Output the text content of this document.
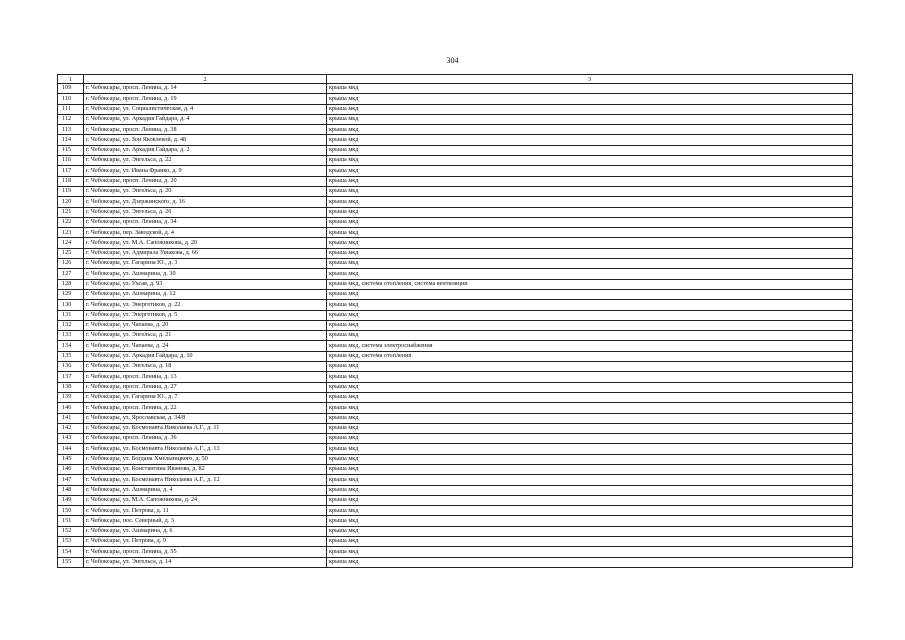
304
1	2	3
109	г. Чебоксары, просп. Ленина, д. 14	крыша мкд
110	г. Чебоксары, просп. Ленина, д. 19	крыша мкд
111	г. Чебоксары, ул. Социалистическая, д. 4	крыша мкд
112	г. Чебоксары, ул. Аркадия Гайдара, д. 4	крыша мкд
113	г. Чебоксары, просп. Ленина, д. 38	крыша мкд
114	г. Чебоксары, ул. Зои Яковлевой, д. 48	крыша мкд
115	г. Чебоксары, ул. Аркадия Гайдара, д. 2	крыша мкд
116	г. Чебоксары, ул. Энгельса, д. 22	крыша мкд
117	г. Чебоксары, ул. Ивана Франко, д. 9	крыша мкд
118	г. Чебоксары, просп. Ленина, д. 20	крыша мкд
119	г. Чебоксары, ул. Энгельса, д. 20	крыша мкд
120	г. Чебоксары, ул. Дзержинского, д. 16	крыша мкд
121	г. Чебоксары, ул. Энгельса, д. 26	крыша мкд
122	г. Чебоксары, просп. Ленина, д. 34	крыша мкд
123	г. Чебоксары, пер. Заводской, д. 4	крыша мкд
124	г. Чебоксары, ул. М.А. Сапожникова, д. 20	крыша мкд
125	г. Чебоксары, ул. Адмирала Ушакова, д. 66	крыша мкд
126	г. Чебоксары, ул. Гагарина Ю., д. 3	крыша мкд
127	г. Чебоксары, ул. Ашмарина, д. 30	крыша мкд
128	г. Чебоксары, ул. Ухсая, д. 93	крыша мкд, система отопления, система вентиляции
129	г. Чебоксары, ул. Ашмарина, д. 12	крыша мкд
130	г. Чебоксары, ул. Энергетиков, д. 22	крыша мкд
131	г. Чебоксары, ул. Энергетиков, д. 5	крыша мкд
132	г. Чебоксары, ул. Чапаева, д. 20	крыша мкд
133	г. Чебоксары, ул. Энгельса, д. 21	крыша мкд
134	г. Чебоксары, ул. Чапаева, д. 24	крыша мкд, система электроснабжения
135	г. Чебоксары, ул. Аркадия Гайдара, д. 10	крыша мкд, система отопления
136	г. Чебоксары, ул. Энгельса, д. 18	крыша мкд
137	г. Чебоксары, просп. Ленина, д. 13	крыша мкд
138	г. Чебоксары, просп. Ленина, д. 27	крыша мкд
139	г. Чебоксары, ул. Гагарина Ю., д. 7	крыша мкд
140	г. Чебоксары, просп. Ленина, д. 22	крыша мкд
141	г. Чебоксары, ул. Ярославская, д. 34/8	крыша мкд
142	г. Чебоксары, ул. Космонавта Николаева А.Г., д. 11	крыша мкд
143	г. Чебоксары, просп. Ленина, д. 36	крыша мкд
144	г. Чебоксары, ул. Космонавта Николаева А.Г., д. 13	крыша мкд
145	г. Чебоксары, ул. Богдана Хмельницкого, д. 50	крыша мкд
146	г. Чебоксары, ул. Константина Иванова, д. 82	крыша мкд
147	г. Чебоксары, ул. Космонавта Николаева А.Г., д. 12	крыша мкд
148	г. Чебоксары, ул. Ашмарина, д. 4	крыша мкд
149	г. Чебоксары, ул. М.А. Сапожникова, д. 24	крыша мкд
150	г. Чебоксары, ул. Петрова, д. 11	крыша мкд
151	г. Чебоксары, пос. Северный, д. 3	крыша мкд
152	г. Чебоксары, ул. Ашмарина, д. 6	крыша мкд
153	г. Чебоксары, ул. Петрова, д. 9	крыша мкд
154	г. Чебоксары, просп. Ленина, д. 55	крыша мкд
155	г. Чебоксары, ул. Энгельса, д. 14	крыша мкд
